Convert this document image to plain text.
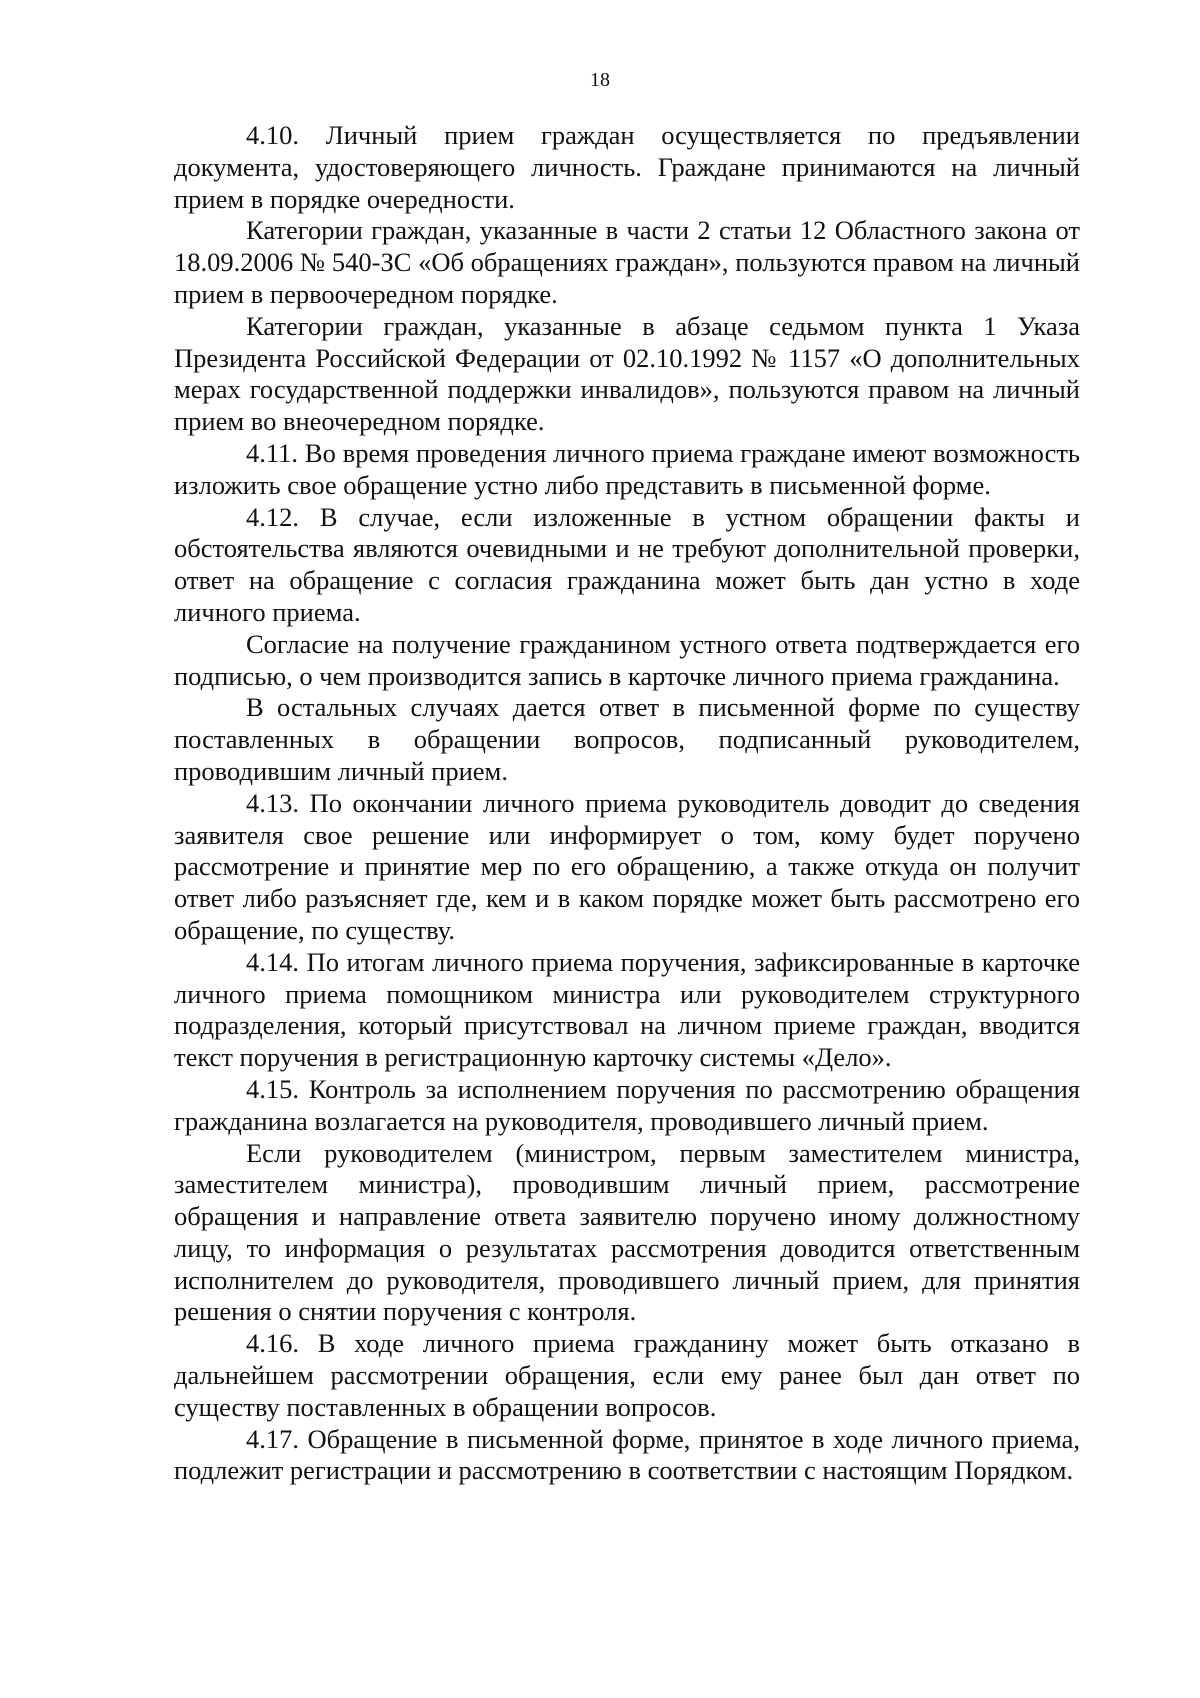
18

4.10. Личный прием граждан осуществляется по предъявлении документа, удостоверяющего личность. Граждане принимаются на личный прием в порядке очередности.

Категории граждан, указанные в части 2 статьи 12 Областного закона от 18.09.2006 № 540-ЗС «Об обращениях граждан», пользуются правом на личный прием в первоочередном порядке.

Категории граждан, указанные в абзаце седьмом пункта 1 Указа Президента Российской Федерации от 02.10.1992 № 1157 «О дополнительных мерах государственной поддержки инвалидов», пользуются правом на личный прием во внеочередном порядке.

4.11. Во время проведения личного приема граждане имеют возможность изложить свое обращение устно либо представить в письменной форме.

4.12. В случае, если изложенные в устном обращении факты и обстоятельства являются очевидными и не требуют дополнительной проверки, ответ на обращение с согласия гражданина может быть дан устно в ходе личного приема.

Согласие на получение гражданином устного ответа подтверждается его подписью, о чем производится запись в карточке личного приема гражданина.

В остальных случаях дается ответ в письменной форме по существу поставленных в обращении вопросов, подписанный руководителем, проводившим личный прием.

4.13. По окончании личного приема руководитель доводит до сведения заявителя свое решение или информирует о том, кому будет поручено рассмотрение и принятие мер по его обращению, а также откуда он получит ответ либо разъясняет где, кем и в каком порядке может быть рассмотрено его обращение, по существу.

4.14. По итогам личного приема поручения, зафиксированные в карточке личного приема помощником министра или руководителем структурного подразделения, который присутствовал на личном приеме граждан, вводится текст поручения в регистрационную карточку системы «Дело».

4.15. Контроль за исполнением поручения по рассмотрению обращения гражданина возлагается на руководителя, проводившего личный прием.

Если руководителем (министром, первым заместителем министра, заместителем министра), проводившим личный прием, рассмотрение обращения и направление ответа заявителю поручено иному должностному лицу, то информация о результатах рассмотрения доводится ответственным исполнителем до руководителя, проводившего личный прием, для принятия решения о снятии поручения с контроля.

4.16. В ходе личного приема гражданину может быть отказано в дальнейшем рассмотрении обращения, если ему ранее был дан ответ по существу поставленных в обращении вопросов.

4.17. Обращение в письменной форме, принятое в ходе личного приема, подлежит регистрации и рассмотрению в соответствии с настоящим Порядком.
